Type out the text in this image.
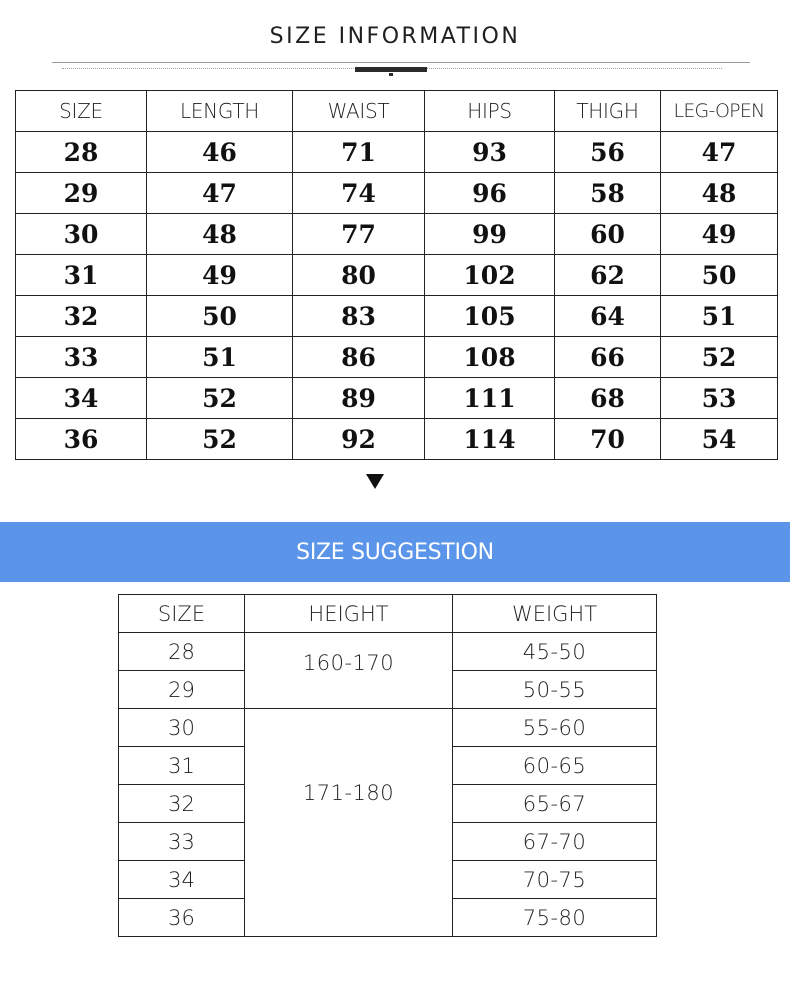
SIZE INFORMATION
SIZE	LENGTH	WAIST	HIPS	THIGH	LEG-OPEN
28	46	71	93	56	47
29	47	74	96	58	48
30	48	77	99	60	49
31	49	80	102	62	50
32	50	83	105	64	51
33	51	86	108	66	52
34	52	89	111	68	53
36	52	92	114	70	54
SIZE SUGGESTION
SIZE	HEIGHT	WEIGHT
28	160-170	45-50
29		50-55
30	171-180	55-60
31		60-65
32		65-67
33		67-70
34		70-75
36		75-80
